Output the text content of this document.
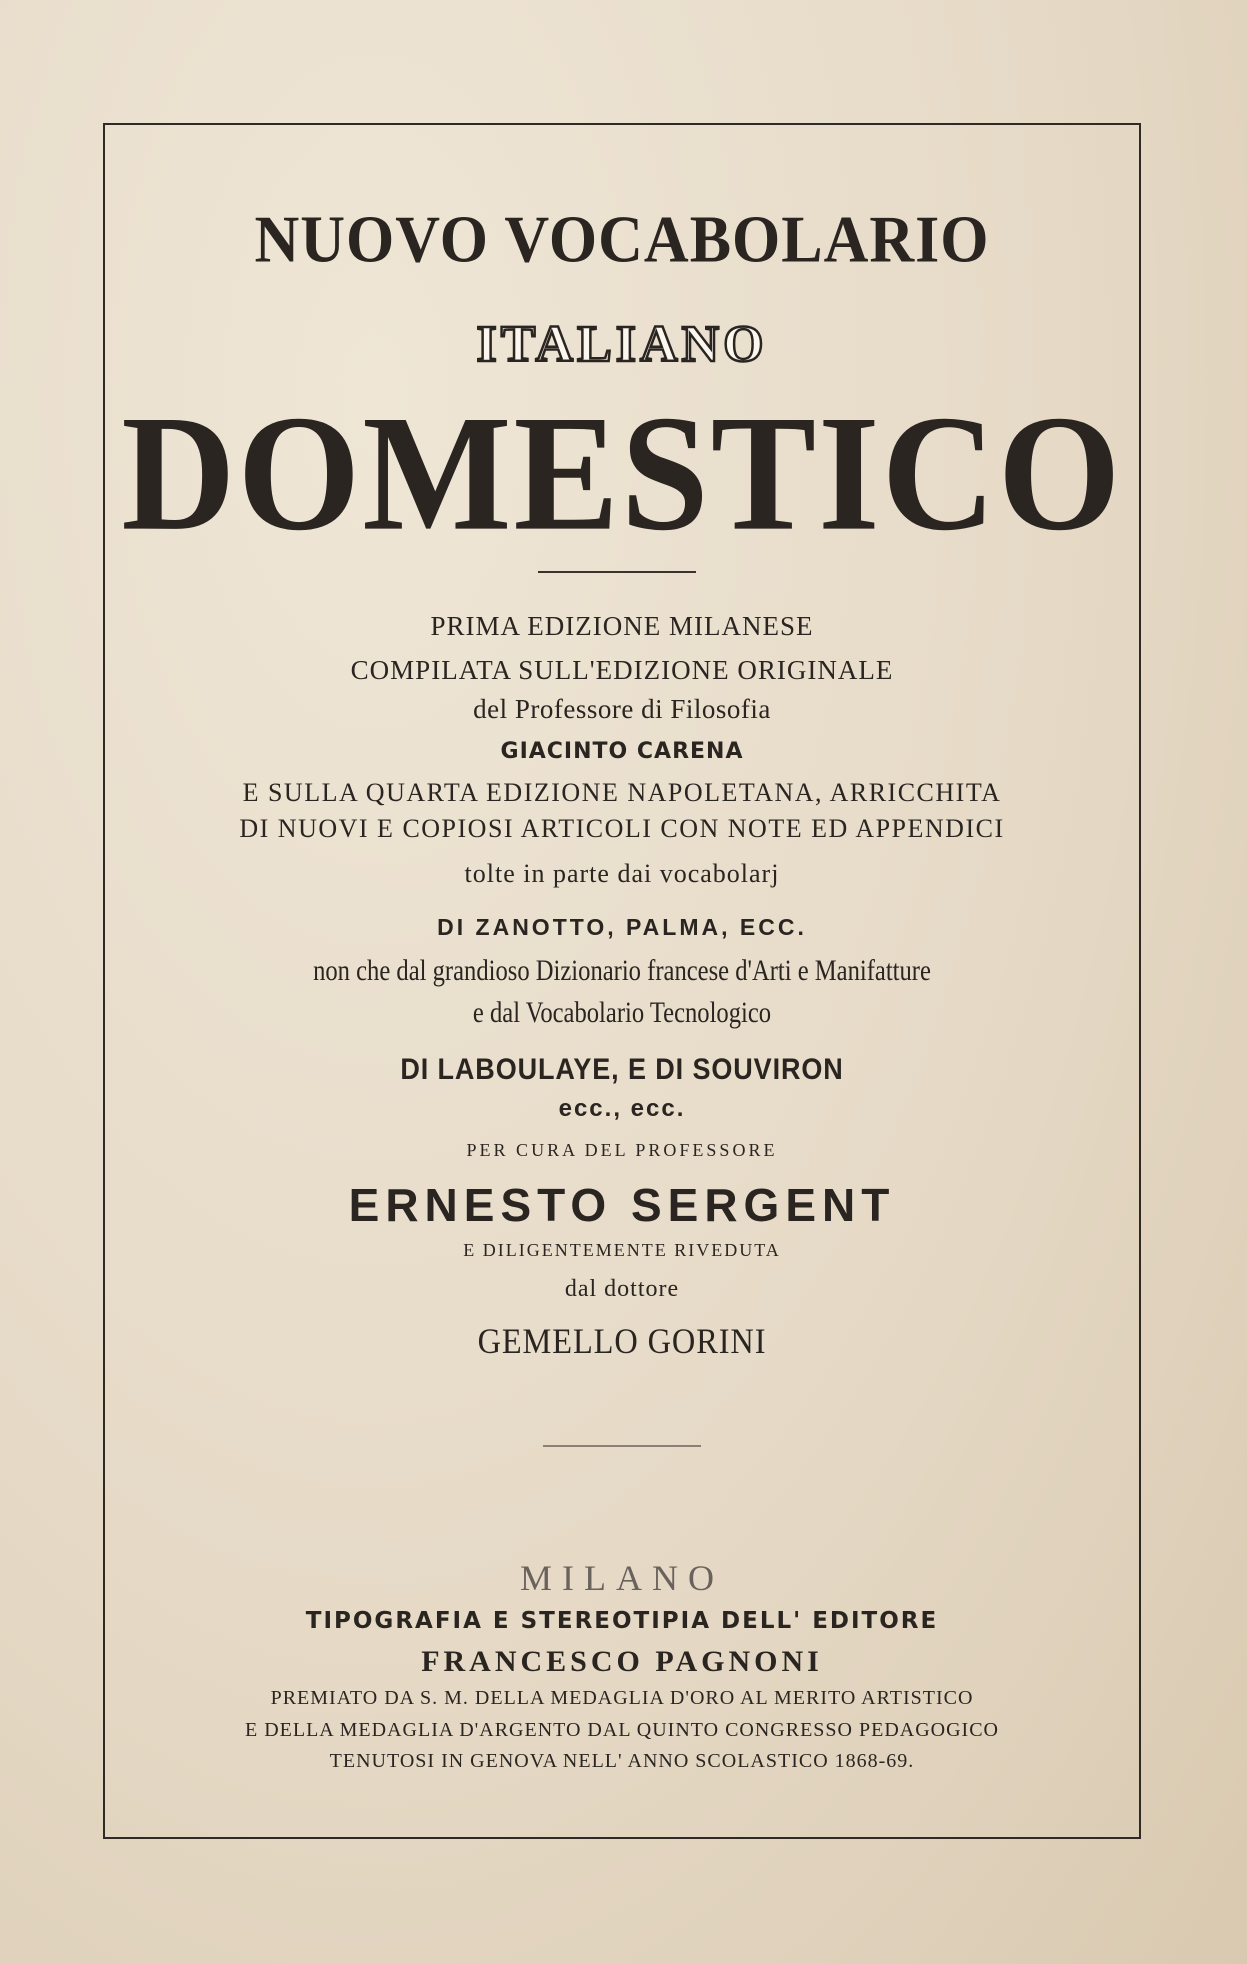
NUOVO VOCABOLARIO
ITALIANO
DOMESTICO
PRIMA EDIZIONE MILANESE
COMPILATA SULL'EDIZIONE ORIGINALE
del Professore di Filosofia
GIACINTO CARENA
E SULLA QUARTA EDIZIONE NAPOLETANA, ARRICCHITA
DI NUOVI E COPIOSI ARTICOLI CON NOTE ED APPENDICI
tolte in parte dai vocabolarj
DI ZANOTTO, PALMA, ECC.
non che dal grandioso Dizionario francese d'Arti e Manifatture
e dal Vocabolario Tecnologico
DI LABOULAYE, E DI SOUVIRON
ecc., ecc.
PER CURA DEL PROFESSORE
ERNESTO SERGENT
E DILIGENTEMENTE RIVEDUTA
dal dottore
GEMELLO GORINI
MILANO
TIPOGRAFIA E STEREOTIPIA DELL' EDITORE
FRANCESCO PAGNONI
PREMIATO DA S. M. DELLA MEDAGLIA D'ORO AL MERITO ARTISTICO
E DELLA MEDAGLIA D'ARGENTO DAL QUINTO CONGRESSO PEDAGOGICO
TENUTOSI IN GENOVA NELL' ANNO SCOLASTICO 1868-69.
